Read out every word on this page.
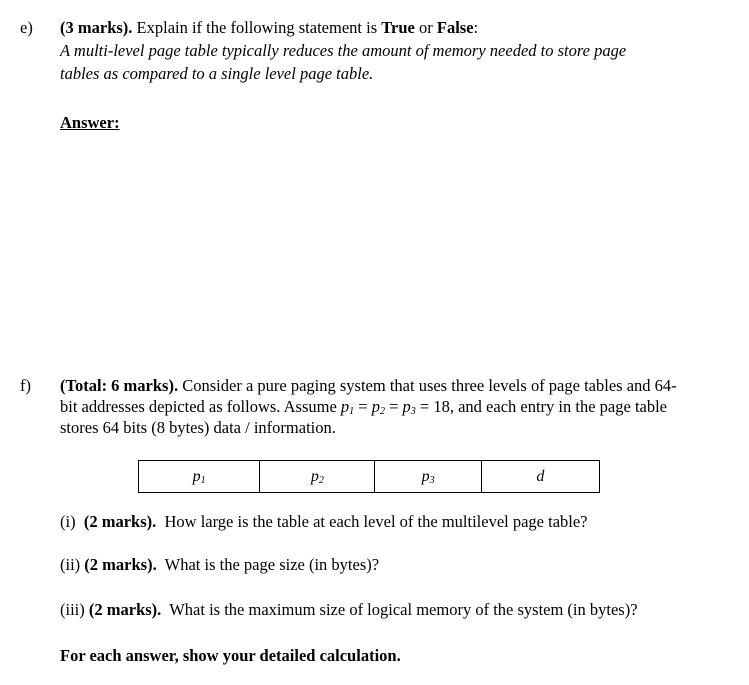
e) (3 marks). Explain if the following statement is True or False:
A multi-level page table typically reduces the amount of memory needed to store page
tables as compared to a single level page table.
Answer:
f) (Total: 6 marks). Consider a pure paging system that uses three levels of page tables and 64-
bit addresses depicted as follows. Assume $p_1 = p_2 = p_3 = 18$, and each entry in the page table
stores 64 bits (8 bytes) data / information.
$p_1$	$p_2$	$p_3$	d
(i) (2 marks). How large is the table at each level of the multilevel page table?
(ii) (2 marks). What is the page size (in bytes)?
(iii) (2 marks). What is the maximum size of logical memory of the system (in bytes)?
For each answer, show your detailed calculation.
